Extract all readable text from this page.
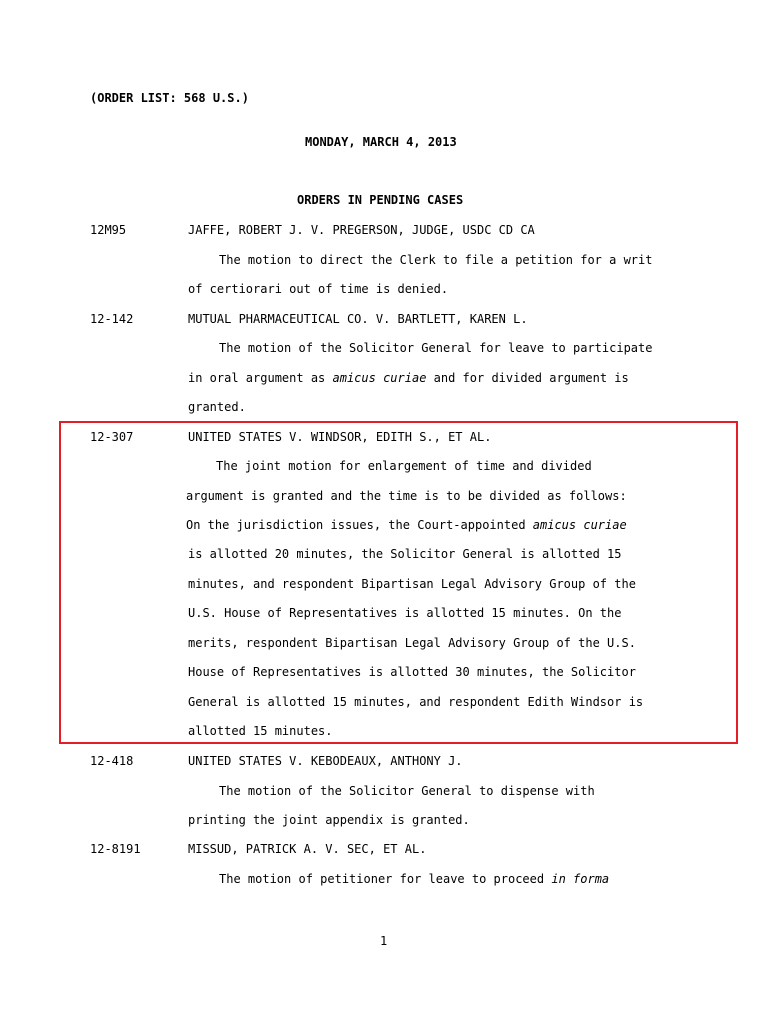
(ORDER LIST: 568 U.S.)
MONDAY, MARCH 4, 2013
ORDERS IN PENDING CASES
12M95	JAFFE, ROBERT J. V. PREGERSON, JUDGE, USDC CD CA
The motion to direct the Clerk to file a petition for a writ
of certiorari out of time is denied.
12-142	MUTUAL PHARMACEUTICAL CO. V. BARTLETT, KAREN L.
The motion of the Solicitor General for leave to participate
in oral argument as amicus curiae and for divided argument is
granted.
12-307	UNITED STATES V. WINDSOR, EDITH S., ET AL.
The joint motion for enlargement of time and divided
argument is granted and the time is to be divided as follows:
On the jurisdiction issues, the Court-appointed amicus curiae
is allotted 20 minutes, the Solicitor General is allotted 15
minutes, and respondent Bipartisan Legal Advisory Group of the
U.S. House of Representatives is allotted 15 minutes. On the
merits, respondent Bipartisan Legal Advisory Group of the U.S.
House of Representatives is allotted 30 minutes, the Solicitor
General is allotted 15 minutes, and respondent Edith Windsor is
allotted 15 minutes.
12-418	UNITED STATES V. KEBODEAUX, ANTHONY J.
The motion of the Solicitor General to dispense with
printing the joint appendix is granted.
12-8191	MISSUD, PATRICK A. V. SEC, ET AL.
The motion of petitioner for leave to proceed in forma
1
